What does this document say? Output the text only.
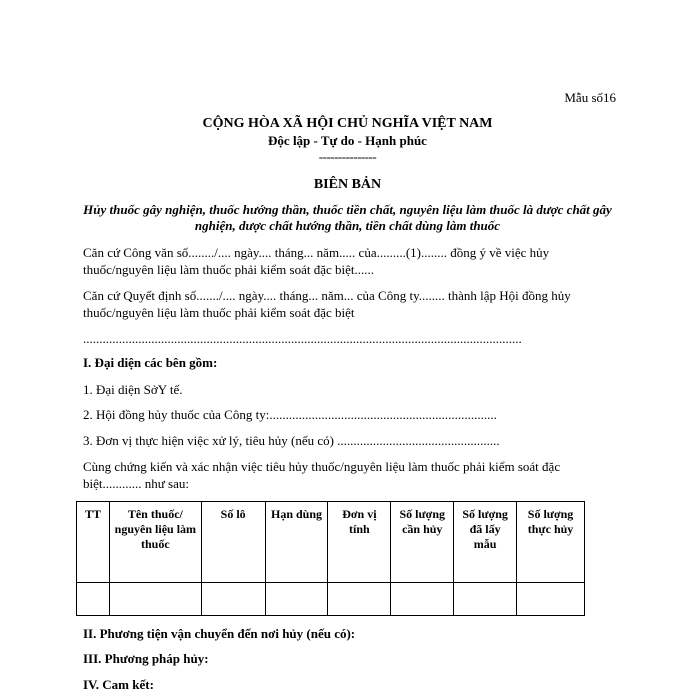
Mẫu số16
CỘNG HÒA XÃ HỘI CHỦ NGHĨA VIỆT NAM
Độc lập - Tự do - Hạnh phúc
---------------
BIÊN BẢN
Hủy thuốc gây nghiện, thuốc hướng thần, thuốc tiền chất, nguyên liệu làm thuốc là dược chất gây nghiện, dược chất hướng thần, tiền chất dùng làm thuốc
Căn cứ Công văn số......../.... ngày.... tháng... năm..... của.........(1)........ đồng ý về việc hủy thuốc/nguyên liệu làm thuốc phải kiểm soát đặc biệt......
Căn cứ Quyết định số......./.... ngày.... tháng... năm... của Công ty........ thành lập Hội đồng hủy thuốc/nguyên liệu làm thuốc phải kiểm soát đặc biệt
.......................................................................................................................................
I. Đại diện các bên gồm:
1. Đại diện SởY tế.
2. Hội đồng hủy thuốc của Công ty:......................................................................
3. Đơn vị thực hiện việc xử lý, tiêu hủy (nếu có) ..................................................
Cùng chứng kiến và xác nhận việc tiêu hủy thuốc/nguyên liệu làm thuốc phải kiểm soát đặc biệt............ như sau:
TT	Tên thuốc/ nguyên liệu làm thuốc	Số lô	Hạn dùng	Đơn vị tính	Số lượng cần hủy	Số lượng đã lấy mẫu	Số lượng thực hủy

II. Phương tiện vận chuyển đến nơi hủy (nếu có):
III. Phương pháp hủy:
IV. Cam kết:
